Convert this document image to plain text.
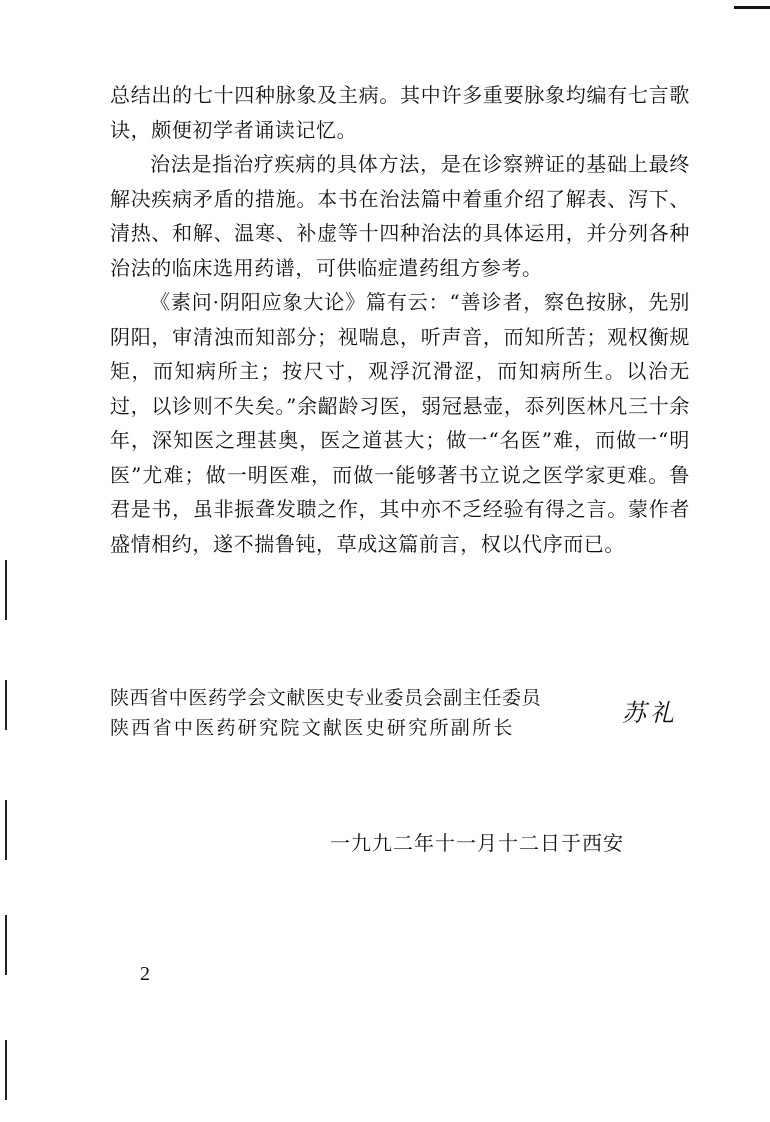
总结出的七十四种脉象及主病。其中许多重要脉象均编有七言歌诀，颇便初学者诵读记忆。

治法是指治疗疾病的具体方法，是在诊察辨证的基础上最终解决疾病矛盾的措施。本书在治法篇中着重介绍了解表、泻下、清热、和解、温寒、补虚等十四种治法的具体运用，并分列各种治法的临床选用药谱，可供临症遣药组方参考。

《素问·阴阳应象大论》篇有云：“善诊者，察色按脉，先别阴阳，审清浊而知部分；视喘息，听声音，而知所苦；观权衡规矩，而知病所主；按尺寸，观浮沉滑涩，而知病所生。以治无过，以诊则不失矣。”余齠龄习医，弱冠悬壶，忝列医林凡三十余年，深知医之理甚奥，医之道甚大；做一“名医”难，而做一“明医”尤难；做一明医难，而做一能够著书立说之医学家更难。鲁君是书，虽非振聋发聩之作，其中亦不乏经验有得之言。蒙作者盛情相约，遂不揣鲁钝，草成这篇前言，权以代序而已。

陕西省中医药学会文献医史专业委员会副主任委员
陕西省中医药研究院文献医史研究所副所长
苏礼
一九九二年十一月十二日于西安
2
